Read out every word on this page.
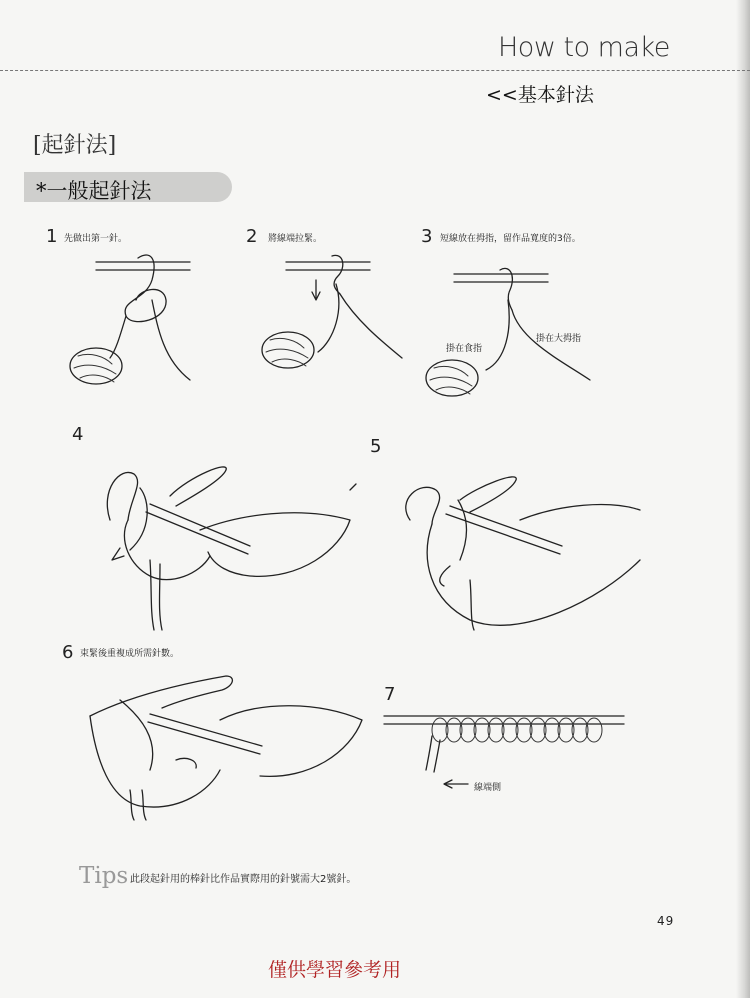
How to make
<<基本針法
[起針法]
*一般起針法
1 先做出第一針。	2 將線端拉緊。	3 短線放在拇指，留作品寬度的3倍。
4
5
6 束緊後重複成所需針數。
7
掛在食指
掛在大拇指
線端側
Tips 此段起針用的棒針比作品實際用的針號需大2號針。
49
僅供學習參考用
